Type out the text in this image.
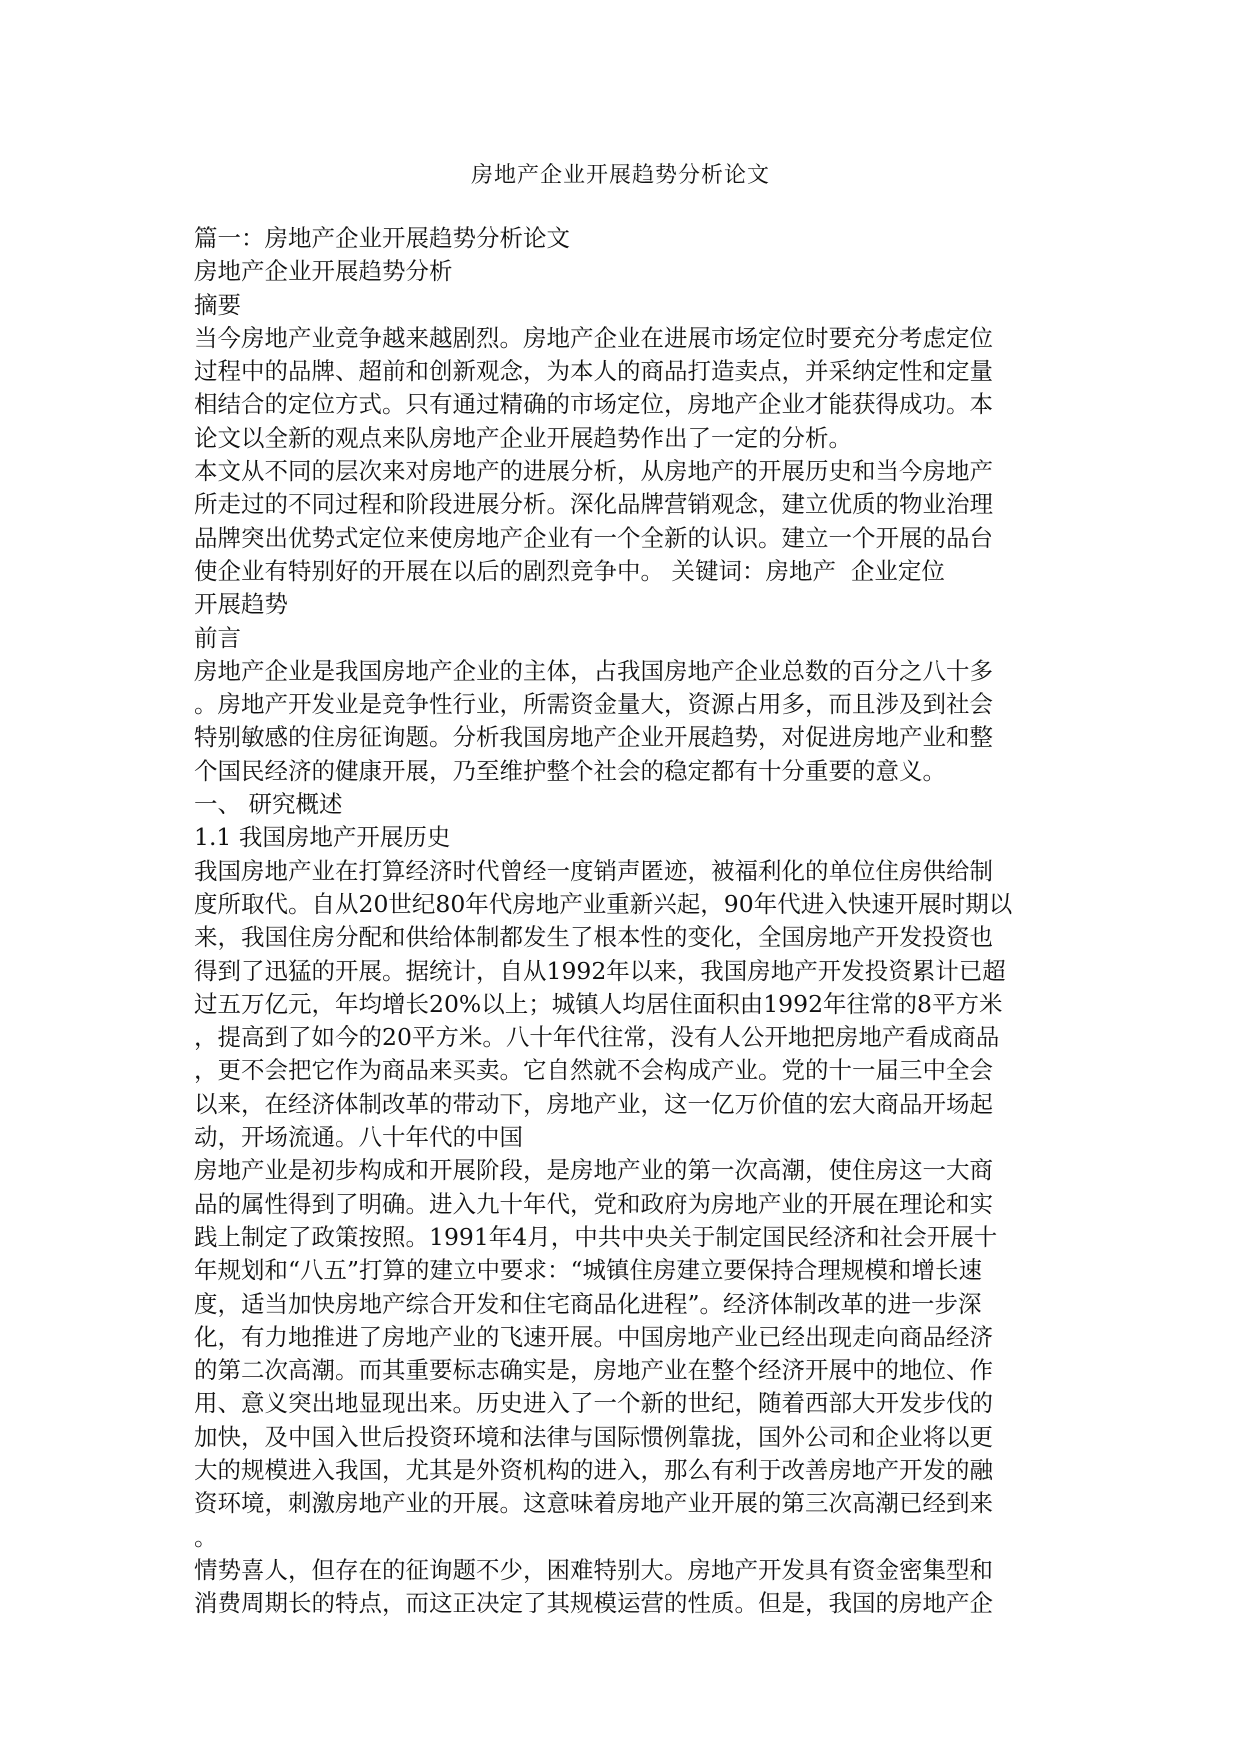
房地产企业开展趋势分析论文
篇一：房地产企业开展趋势分析论文
房地产企业开展趋势分析
摘要
当今房地产业竞争越来越剧烈。房地产企业在进展市场定位时要充分考虑定位
过程中的品牌、超前和创新观念，为本人的商品打造卖点，并采纳定性和定量
相结合的定位方式。只有通过精确的市场定位，房地产企业才能获得成功。本
论文以全新的观点来队房地产企业开展趋势作出了一定的分析。
本文从不同的层次来对房地产的进展分析，从房地产的开展历史和当今房地产
所走过的不同过程和阶段进展分析。深化品牌营销观念，建立优质的物业治理
品牌突出优势式定位来使房地产企业有一个全新的认识。建立一个开展的品台
使企业有特别好的开展在以后的剧烈竞争中。 关键词：房地产  企业定位
开展趋势
前言
房地产企业是我国房地产企业的主体，占我国房地产企业总数的百分之八十多
。房地产开发业是竞争性行业，所需资金量大，资源占用多，而且涉及到社会
特别敏感的住房征询题。分析我国房地产企业开展趋势，对促进房地产业和整
个国民经济的健康开展，乃至维护整个社会的稳定都有十分重要的意义。
一、 研究概述
1.1 我国房地产开展历史
我国房地产业在打算经济时代曾经一度销声匿迹，被福利化的单位住房供给制
度所取代。自从20世纪80年代房地产业重新兴起，90年代进入快速开展时期以
来，我国住房分配和供给体制都发生了根本性的变化，全国房地产开发投资也
得到了迅猛的开展。据统计，自从1992年以来，我国房地产开发投资累计已超
过五万亿元，年均增长20%以上；城镇人均居住面积由1992年往常的8平方米
，提高到了如今的20平方米。八十年代往常，没有人公开地把房地产看成商品
，更不会把它作为商品来买卖。它自然就不会构成产业。党的十一届三中全会
以来，在经济体制改革的带动下，房地产业，这一亿万价值的宏大商品开场起
动，开场流通。八十年代的中国
房地产业是初步构成和开展阶段，是房地产业的第一次高潮，使住房这一大商
品的属性得到了明确。进入九十年代，党和政府为房地产业的开展在理论和实
践上制定了政策按照。1991年4月，中共中央关于制定国民经济和社会开展十
年规划和“八五”打算的建立中要求：“城镇住房建立要保持合理规模和增长速
度，适当加快房地产综合开发和住宅商品化进程”。经济体制改革的进一步深
化，有力地推进了房地产业的飞速开展。中国房地产业已经出现走向商品经济
的第二次高潮。而其重要标志确实是，房地产业在整个经济开展中的地位、作
用、意义突出地显现出来。历史进入了一个新的世纪，随着西部大开发步伐的
加快，及中国入世后投资环境和法律与国际惯例靠拢，国外公司和企业将以更
大的规模进入我国，尤其是外资机构的进入，那么有利于改善房地产开发的融
资环境，刺激房地产业的开展。这意味着房地产业开展的第三次高潮已经到来
。
情势喜人，但存在的征询题不少，困难特别大。房地产开发具有资金密集型和
消费周期长的特点，而这正决定了其规模运营的性质。但是，我国的房地产企
